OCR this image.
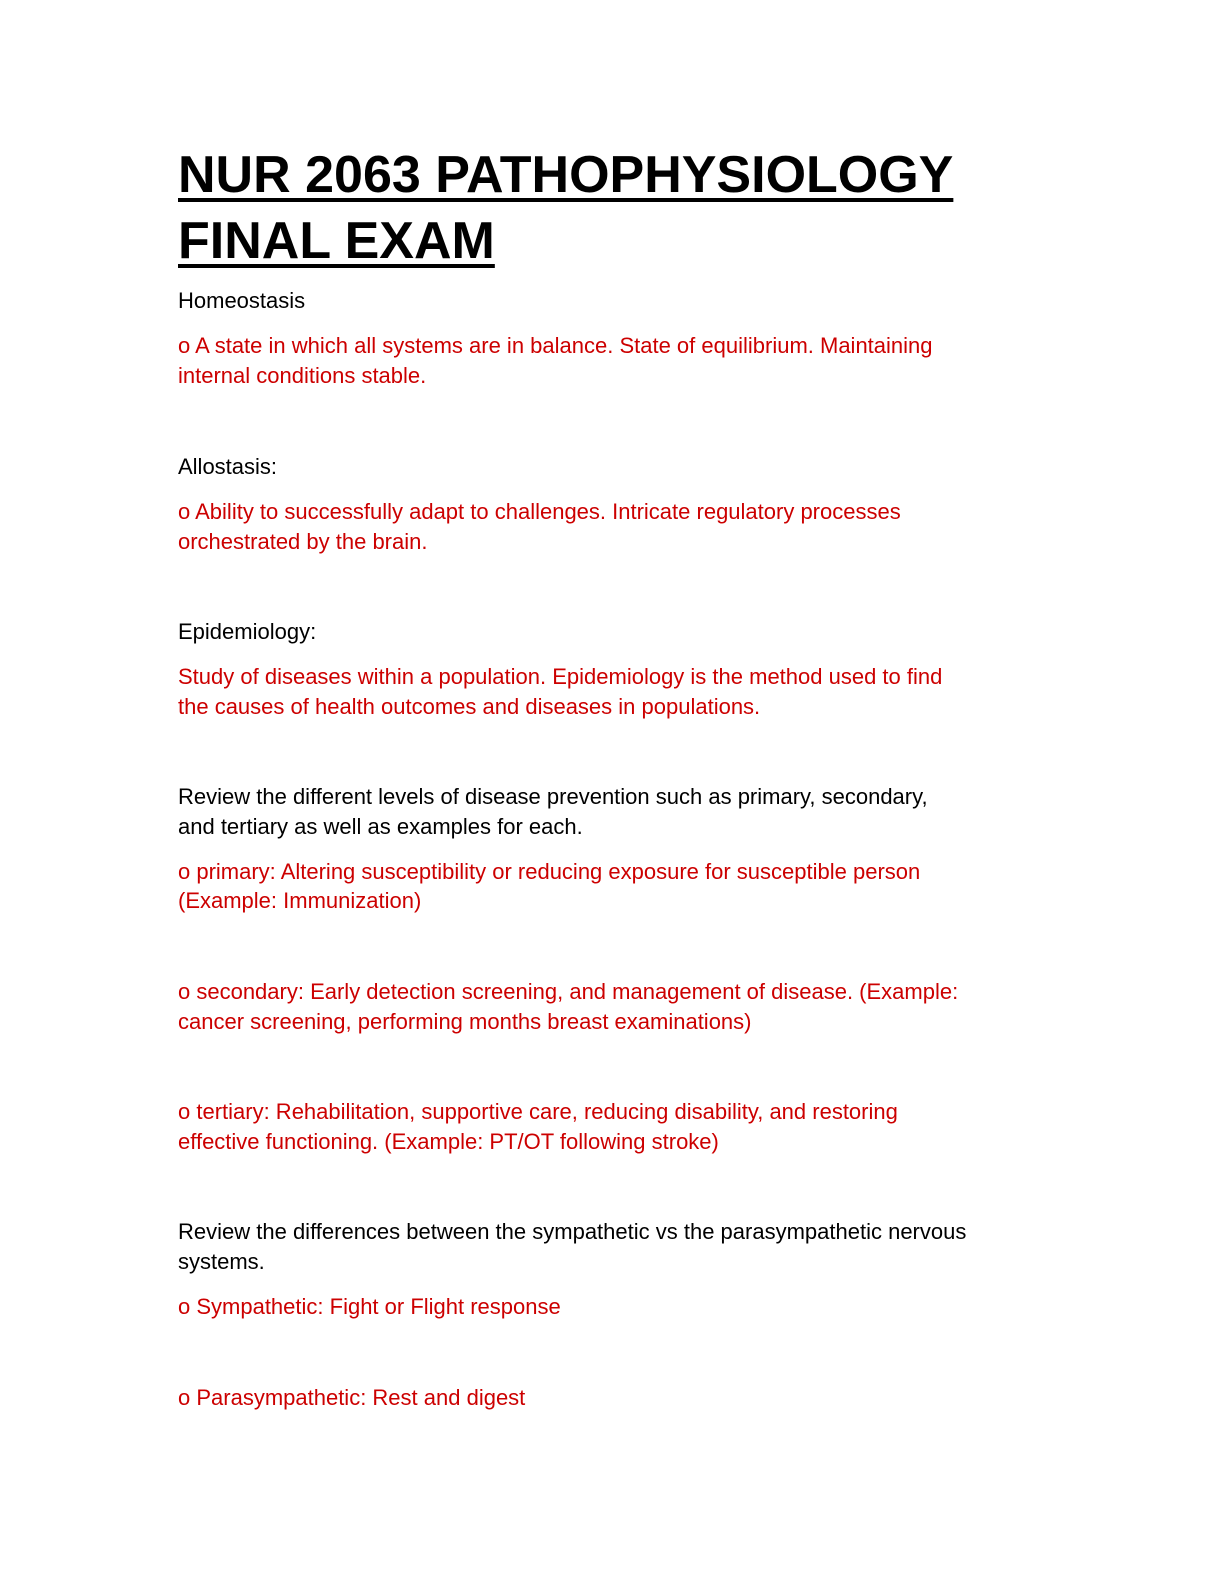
NUR 2063 PATHOPHYSIOLOGY
FINAL EXAM

Homeostasis

o A state in which all systems are in balance. State of equilibrium. Maintaining

internal conditions stable.

Allostasis:

o Ability to successfully adapt to challenges. Intricate regulatory processes

orchestrated by the brain.

Epidemiology:

Study of diseases within a population. Epidemiology is the method used to find

the causes of health outcomes and diseases in populations.

Review the different levels of disease prevention such as primary, secondary,

and tertiary as well as examples for each.

o primary: Altering susceptibility or reducing exposure for susceptible person

(Example: Immunization)

o secondary: Early detection screening, and management of disease. (Example:

cancer screening, performing months breast examinations)

o tertiary: Rehabilitation, supportive care, reducing disability, and restoring

effective functioning. (Example: PT/OT following stroke)

Review the differences between the sympathetic vs the parasympathetic nervous

systems.

o Sympathetic: Fight or Flight response

o Parasympathetic: Rest and digest
